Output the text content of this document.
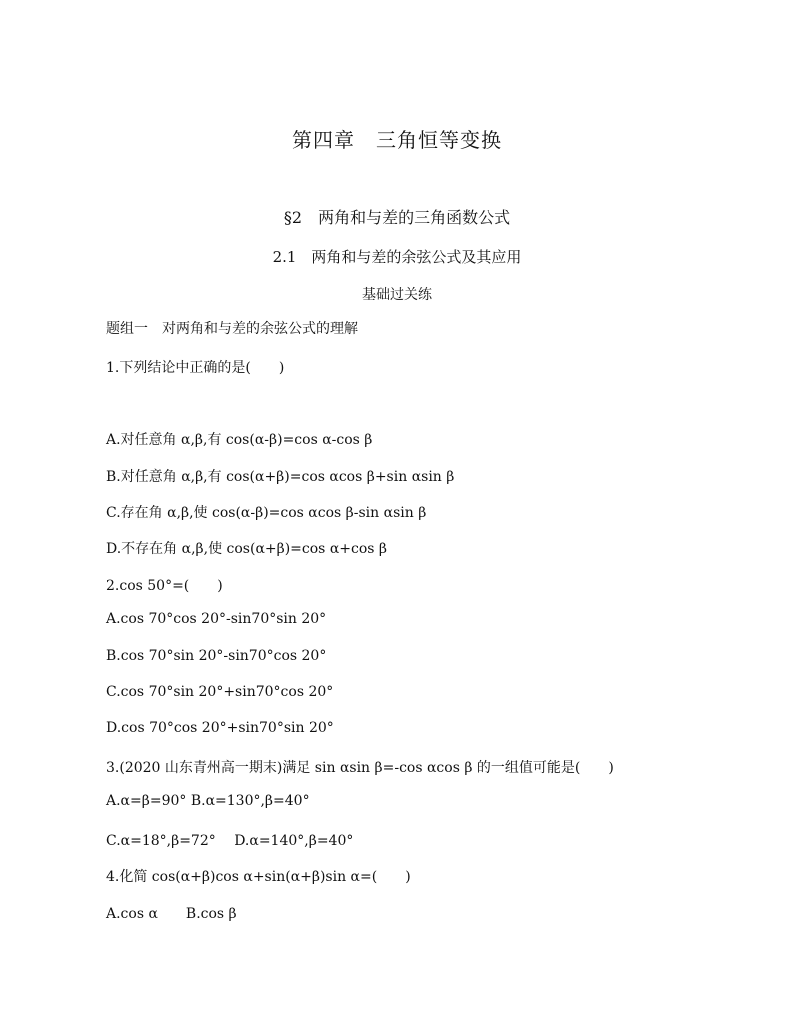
第四章　三角恒等变换
§2　两角和与差的三角函数公式
2.1　两角和与差的余弦公式及其应用
基础过关练
题组一　对两角和与差的余弦公式的理解
1.下列结论中正确的是(　　)
A.对任意角 α,β,有 cos(α-β)=cos α-cos β
B.对任意角 α,β,有 cos(α+β)=cos αcos β+sin αsin β
C.存在角 α,β,使 cos(α-β)=cos αcos β-sin αsin β
D.不存在角 α,β,使 cos(α+β)=cos α+cos β
2.cos 50°=(　　)
A.cos 70°cos 20°-sin70°sin 20°
B.cos 70°sin 20°-sin70°cos 20°
C.cos 70°sin 20°+sin70°cos 20°
D.cos 70°cos 20°+sin70°sin 20°
3.(2020 山东青州高一期末)满足 sin αsin β=-cos αcos β 的一组值可能是(　　)
A.α=β=90° B.α=130°,β=40°
C.α=18°,β=72°　 D.α=140°,β=40°
4.化简 cos(α+β)cos α+sin(α+β)sin α=(　　)
A.cos α　　B.cos β
